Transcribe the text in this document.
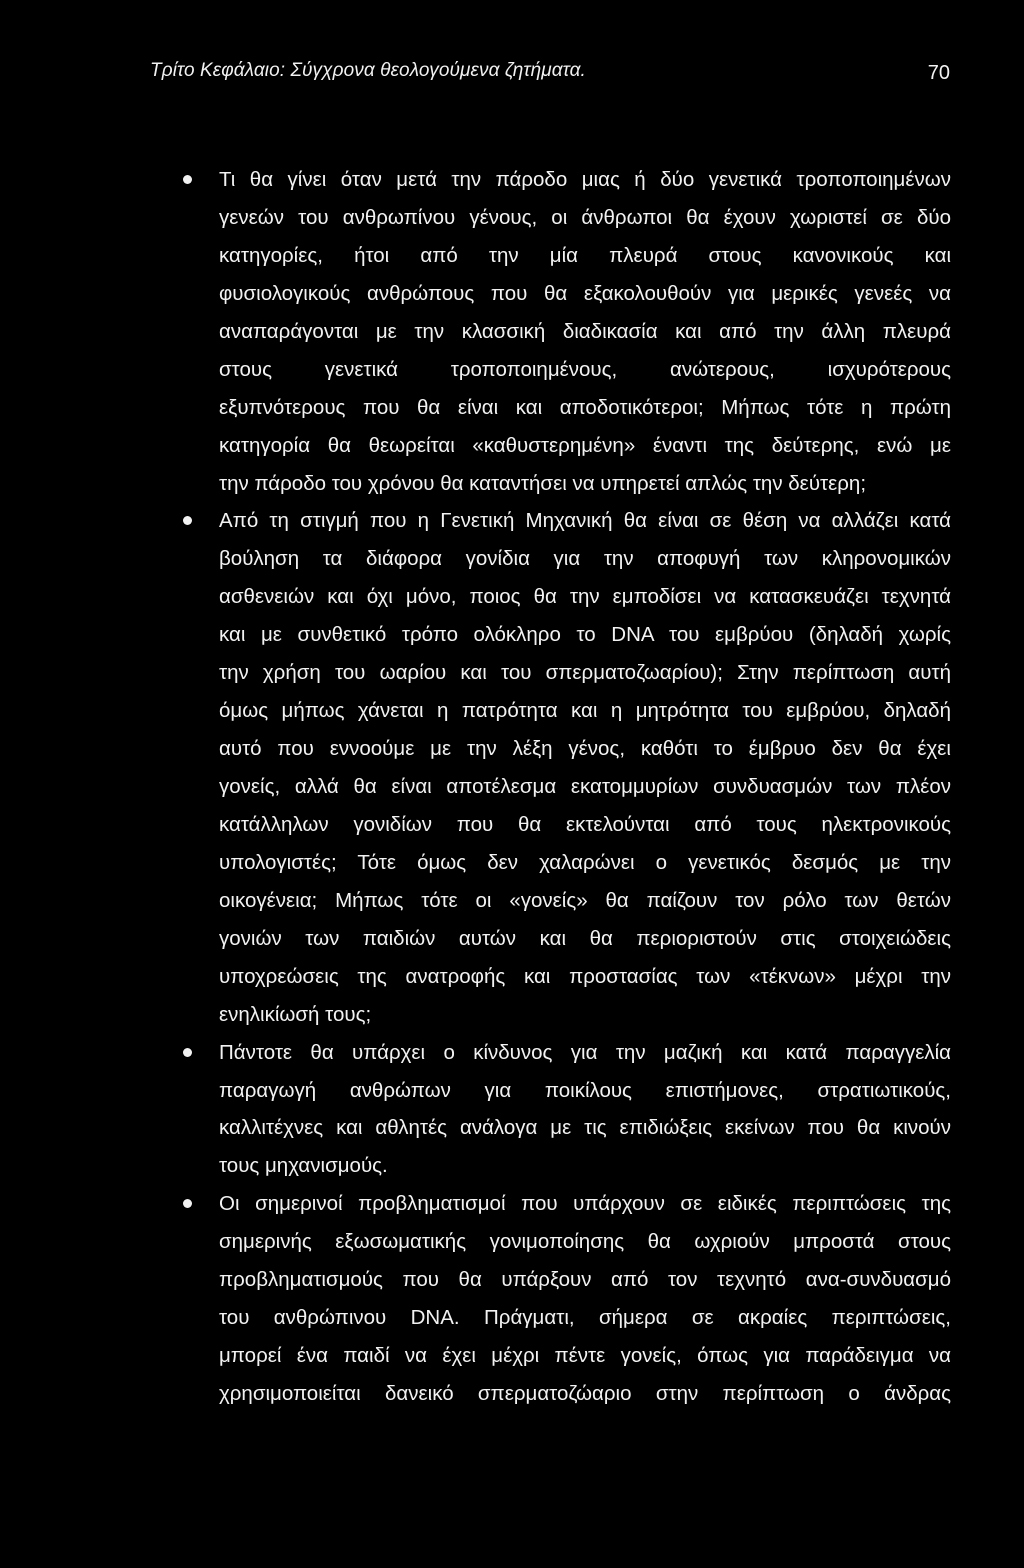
Τρίτο Κεφάλαιο: Σύγχρονα θεολογούμενα ζητήματα.	70
Τι θα γίνει όταν μετά την πάροδο μιας ή δύο γενετικά τροποποιημένων
γενεών του ανθρωπίνου γένους, οι άνθρωποι θα έχουν χωριστεί σε δύο
κατηγορίες, ήτοι από την μία πλευρά στους κανονικούς και
φυσιολογικούς ανθρώπους που θα εξακολουθούν για μερικές γενεές να
αναπαράγονται με την κλασσική διαδικασία και από την άλλη πλευρά
στους γενετικά τροποποιημένους, ανώτερους, ισχυρότερους
εξυπνότερους που θα είναι και αποδοτικότεροι; Μήπως τότε η πρώτη
κατηγορία θα θεωρείται «καθυστερημένη» έναντι της δεύτερης, ενώ με
την πάροδο του χρόνου θα καταντήσει να υπηρετεί απλώς την δεύτερη;
Από τη στιγμή που η Γενετική Μηχανική θα είναι σε θέση να αλλάζει κατά
βούληση τα διάφορα γονίδια για την αποφυγή των κληρονομικών
ασθενειών και όχι μόνο, ποιος θα την εμποδίσει να κατασκευάζει τεχνητά
και με συνθετικό τρόπο ολόκληρο το DNA του εμβρύου (δηλαδή χωρίς
την χρήση του ωαρίου και του σπερματοζωαρίου); Στην περίπτωση αυτή
όμως μήπως χάνεται η πατρότητα και η μητρότητα του εμβρύου, δηλαδή
αυτό που εννοούμε με την λέξη γένος, καθότι το έμβρυο δεν θα έχει
γονείς, αλλά θα είναι αποτέλεσμα εκατομμυρίων συνδυασμών των πλέον
κατάλληλων γονιδίων που θα εκτελούνται από τους ηλεκτρονικούς
υπολογιστές; Τότε όμως δεν χαλαρώνει ο γενετικός δεσμός με την
οικογένεια; Μήπως τότε οι «γονείς» θα παίζουν τον ρόλο των θετών
γονιών των παιδιών αυτών και θα περιοριστούν στις στοιχειώδεις
υποχρεώσεις της ανατροφής και προστασίας των «τέκνων» μέχρι την
ενηλικίωσή τους;
Πάντοτε θα υπάρχει ο κίνδυνος για την μαζική και κατά παραγγελία
παραγωγή ανθρώπων για ποικίλους επιστήμονες, στρατιωτικούς,
καλλιτέχνες και αθλητές ανάλογα με τις επιδιώξεις εκείνων που θα κινούν
τους μηχανισμούς.
Οι σημερινοί προβληματισμοί που υπάρχουν σε ειδικές περιπτώσεις της
σημερινής εξωσωματικής γονιμοποίησης θα ωχριούν μπροστά στους
προβληματισμούς που θα υπάρξουν από τον τεχνητό ανα-συνδυασμό
του ανθρώπινου DNA. Πράγματι, σήμερα σε ακραίες περιπτώσεις,
μπορεί ένα παιδί να έχει μέχρι πέντε γονείς, όπως για παράδειγμα να
χρησιμοποιείται δανεικό σπερματοζώαριο στην περίπτωση ο άνδρας
